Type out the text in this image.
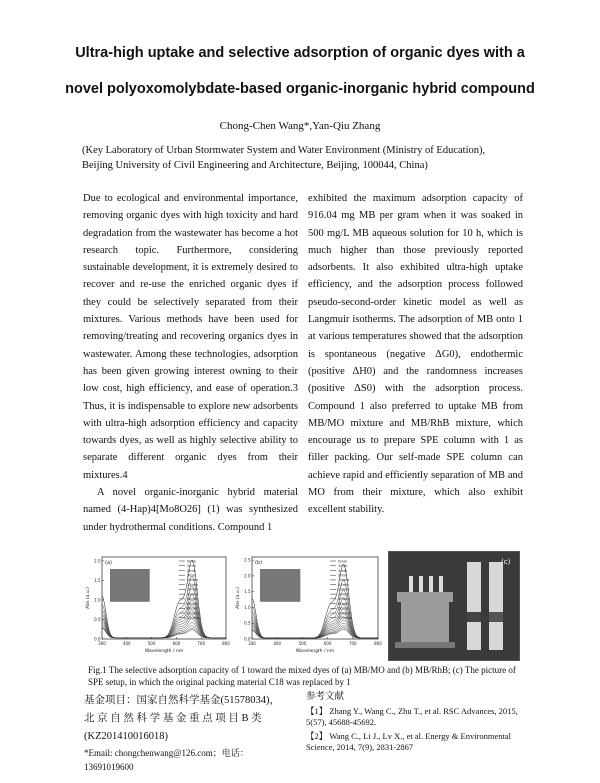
Ultra-high uptake and selective adsorption of organic dyes with a
novel polyoxomolybdate-based organic-inorganic hybrid compound
Chong-Chen Wang*,Yan-Qiu Zhang
(Key Laboratory of Urban Stormwater System and Water Environment (Ministry of Education),
Beijing University of Civil Engineering and Architecture, Beijing, 100044, China)

Due to ecological and environmental importance, removing organic dyes with high toxicity and hard degradation from the wastewater has become a hot research topic. Furthermore, considering sustainable development, it is extremely desired to recover and re-use the enriched organic dyes if they could be selectively separated from their mixtures. Various methods have been used for removing/treating and recovering organics dyes in wastewater. Among these technologies, adsorption has been given growing interest owning to their low cost, high efficiency, and ease of operation.3 Thus, it is indispensable to explore new adsorbents with ultra-high adsorption efficiency and capacity towards dyes, as well as highly selective ability to separate different organic dyes from their mixtures.4

A novel organic-inorganic hybrid material named (4-Hap)4[Mo8O26] (1) was synthesized under hydrothermal conditions. Compound 1

exhibited the maximum adsorption capacity of 916.04 mg MB per gram when it was soaked in 500 mg/L MB aqueous solution for 10 h, which is much higher than those previously reported adsorbents. It also exhibited ultra-high uptake efficiency, and the adsorption process followed pseudo-second-order kinetic model as well as Langmuir isotherms. The adsorption of MB onto 1 at various temperatures showed that the adsorption is spontaneous (negative ΔG0), endothermic (positive ΔH0) and the randomness increases (positive ΔS0) with the adsorption process. Compound 1 also preferred to uptake MB from MB/MO mixture and MB/RhB mixture, which encourage us to prepare SPE column with 1 as filler packing. Our self-made SPE column can achieve rapid and efficiently separation of MB and MO from their mixture, which also exhibit excellent stability.

300	400	500	600	700	800
0.0
0.5
1.0
1.5
2.0
Wavelength / nm
Abs (a.u.)
(a)	0min
1min
2min
5min
10min
15min
20min
30min
40min
60min
80min
100min
120min
300	400	500	600	700	800
0.0
0.5
1.0
1.5
2.0
2.5
Wavelength / nm
Abs (a.u.)
(b)	0min
1min
2min
5min
10min
15min
20min
30min
40min
60min
80min
100min
120min
(c)
Fig.1 The selective adsorption capacity of 1 toward the mixed dyes of (a) MB/MO and (b) MB/RhB; (c) The picture of SPE setup, in which the original packing material C18 was replaced by 1
基金项目：国家自然科学基金(51578034)，
北 京 自 然 科 学 基 金 重 点 项 目 B 类
(KZ201410016018)
*Email: chongchenwang@126.com；电话：
13691019600
参考文献
【1】 Zhang Y., Wang C., Zhu T., et al. RSC Advances, 2015, 5(57), 45688-45692.
【2】 Wang C., Li J., Lv X., et al. Energy & Environmental Science, 2014, 7(9), 2831-2867
